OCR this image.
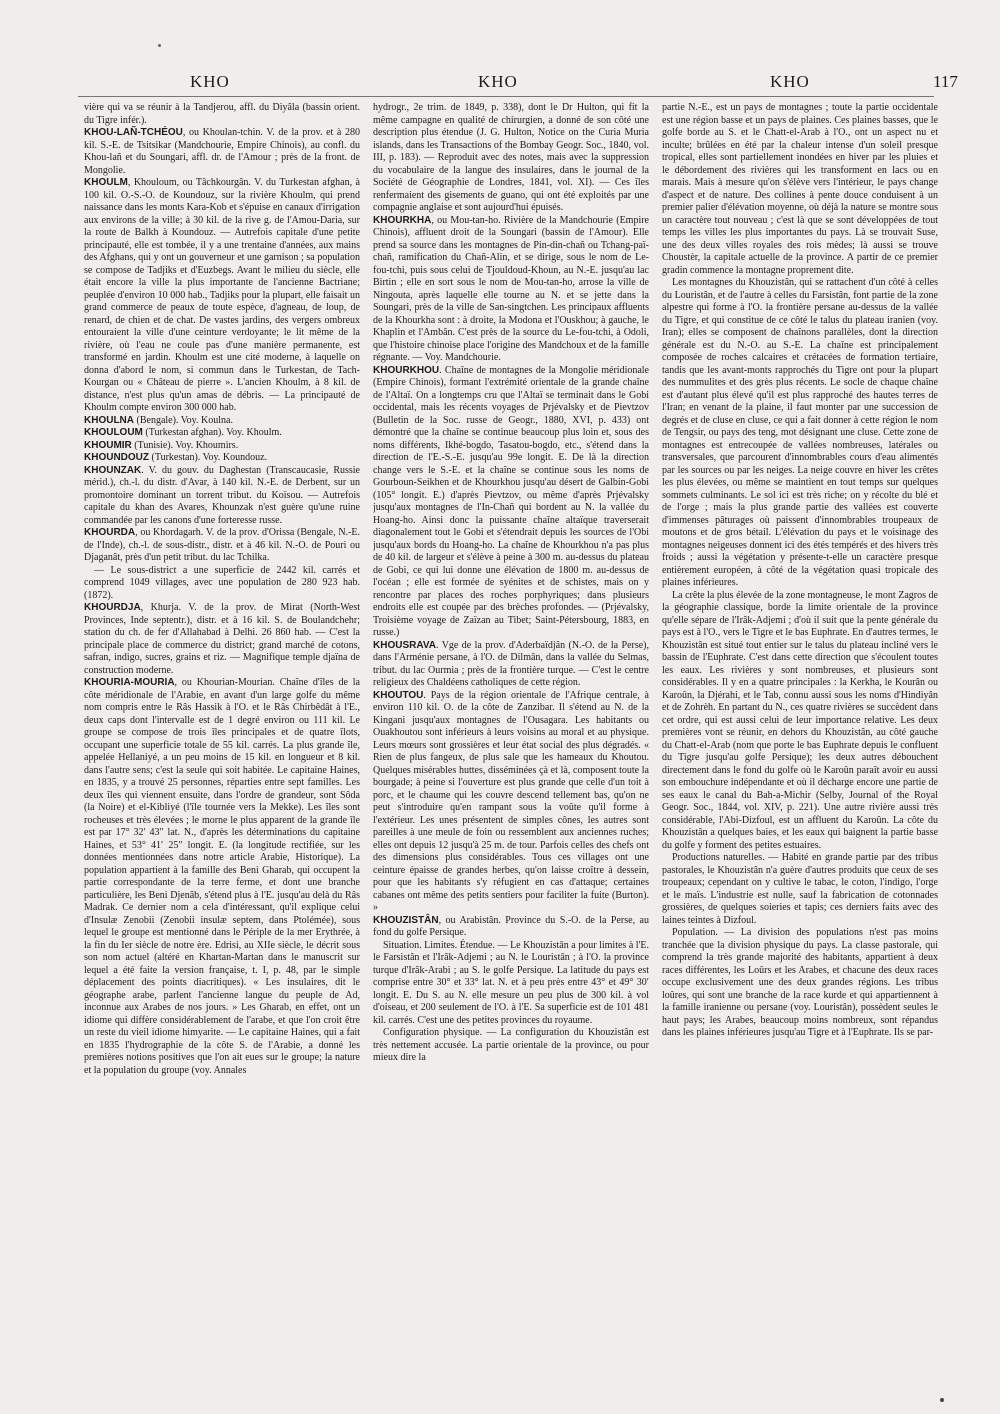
KHO	KHO	KHO	117

vière qui va se réunir à la Tandjerou, affl. du Diyâla (bassin orient. du Tigre infér.).

KHOU-LAÑ-TCHÉOU, ou Khoulan-tchin. V. de la prov. et à 280 kil. S.-E. de Tsitsikar (Mandchourie, Empire Chinois), au confl. du Khou-lañ et du Soungari, affl. dr. de l'Amour ; près de la front. de Mongolie.

KHOULM, Khouloum, ou Tâchkourgân. V. du Turkestan afghan, à 100 kil. O.-S.-O. de Koundouz, sur la rivière Khoulm, qui prend naissance dans les monts Kara-Kob et s'épuise en canaux d'irrigation aux environs de la ville; à 30 kil. de la rive g. de l'Amou-Daria, sur la route de Balkh à Koundouz. — Autrefois capitale d'une petite principauté, elle est tombée, il y a une trentaine d'années, aux mains des Afghans, qui y ont un gouverneur et une garnison ; sa population se compose de Tadjiks et d'Euzbegs. Avant le milieu du siècle, elle était encore la ville la plus importante de l'ancienne Bactriane; peuplée d'environ 10 000 hab., Tadjiks pour la plupart, elle faisait un grand commerce de peaux de toute espèce, d'agneau, de loup, de renard, de chien et de chat. De vastes jardins, des vergers ombreux entouraient la ville d'une ceinture verdoyante; le lit même de la rivière, où l'eau ne coule pas d'une manière permanente, est transformé en jardin. Khoulm est une cité moderne, à laquelle on donna d'abord le nom, si commun dans le Turkestan, de Tach-Kourgan ou « Château de pierre ». L'ancien Khoulm, à 8 kil. de distance, n'est plus qu'un amas de débris. — La principauté de Khoulm compte environ 300 000 hab.

KHOULNA (Bengale). Voy. Koulna.

KHOULOUM (Turkestan afghan). Voy. Khoulm.

KHOUMIR (Tunisie). Voy. Khoumirs.

KHOUNDOUZ (Turkestan). Voy. Koundouz.

KHOUNZAK. V. du gouv. du Daghestan (Transcaucasie, Russie mérid.), ch.-l. du distr. d'Avar, à 140 kil. N.-E. de Derbent, sur un promontoire dominant un torrent tribut. du Koïsou. — Autrefois capitale du khan des Avares, Khounzak n'est guère qu'une ruine commandée par les canons d'une forteresse russe.

KHOURDA, ou Khordagarh. V. de la prov. d'Orissa (Bengale, N.-E. de l'Inde), ch.-l. de sous-distr., distr. et à 46 kil. N.-O. de Pouri ou Djaganât, près d'un petit tribut. du lac Tchilka.

— Le sous-district a une superficie de 2442 kil. carrés et comprend 1049 villages, avec une population de 280 923 hab. (1872).

KHOURDJA, Khurja. V. de la prov. de Mirat (North-West Provinces, Inde septentr.), distr. et à 16 kil. S. de Boulandchehr; station du ch. de fer d'Allahabad à Delhi. 26 860 hab. — C'est la principale place de commerce du district; grand marché de cotons, safran, indigo, sucres, grains et riz. — Magnifique temple djaïna de construction moderne.

KHOURIA-MOURIA, ou Khourian-Mourian. Chaîne d'îles de la côte méridionale de l'Arabie, en avant d'un large golfe du même nom compris entre le Râs Hassik à l'O. et le Râs Chirbêdât à l'E., deux caps dont l'intervalle est de 1 degré environ ou 111 kil. Le groupe se compose de trois îles principales et de quatre îlots, occupant une superficie totale de 55 kil. carrés. La plus grande île, appelée Hellaniyé, a un peu moins de 15 kil. en longueur et 8 kil. dans l'autre sens; c'est la seule qui soit habitée. Le capitaine Haines, en 1835, y a trouvé 25 personnes, réparties entre sept familles. Les deux îles qui viennent ensuite, dans l'ordre de grandeur, sont Sôda (la Noire) et el-Kibliyé (l'île tournée vers la Mekke). Les îles sont rocheuses et très élevées ; le morne le plus apparent de la grande île est par 17° 32′ 43″ lat. N., d'après les déterminations du capitaine Haines, et 53° 41′ 25″ longit. E. (la longitude rectifiée, sur les données mentionnées dans notre article Arabie, Historique). La population appartient à la famille des Beni Gharab, qui occupent la partie correspondante de la terre ferme, et dont une branche particulière, les Beni Djenâb, s'étend plus à l'E. jusqu'au delà du Râs Madrak. Ce dernier nom a cela d'intéressant, qu'il explique celui d'Insulæ Zenobii (Zenobii insulæ septem, dans Ptolémée), sous lequel le groupe est mentionné dans le Périple de la mer Erythrée, à la fin du Ier siècle de notre ère. Edrisi, au XIIe siècle, le décrit sous son nom actuel (altéré en Khartan-Martan dans le manuscrit sur lequel a été faite la version française, t. I, p. 48, par le simple déplacement des points diacritiques). « Les insulaires, dit le géographe arabe, parlent l'ancienne langue du peuple de Ad, inconnue aux Arabes de nos jours. » Les Gharab, en effet, ont un idiome qui diffère considérablement de l'arabe, et que l'on croit être un reste du vieil idiome himyarite. — Le capitaine Haines, qui a fait en 1835 l'hydrographie de la côte S. de l'Arabie, a donné les premières notions positives que l'on ait eues sur le groupe; la nature et la population du groupe (voy. Annales

hydrogr., 2e trim. de 1849, p. 338), dont le Dr Hulton, qui fit la même campagne en qualité de chirurgien, a donné de son côté une description plus étendue (J. G. Hulton, Notice on the Curia Muria islands, dans les Transactions of the Bombay Geogr. Soc., 1840, vol. III, p. 183). — Reproduit avec des notes, mais avec la suppression du vocabulaire de la langue des insulaires, dans le journal de la Société de Géographie de Londres, 1841, vol. XI). — Ces îles renfermaient des gisements de guano, qui ont été exploités par une compagnie anglaise et sont aujourd'hui épuisés.

KHOURKHA, ou Mou-tan-ho. Rivière de la Mandchourie (Empire Chinois), affluent droit de la Soungari (bassin de l'Amour). Elle prend sa source dans les montagnes de Pin-din-chañ ou Tchang-paï-chañ, ramification du Chañ-Alin, et se dirige, sous le nom de Le-fou-tchi, puis sous celui de Tjouldoud-Khoun, au N.-E. jusqu'au lac Birtin ; elle en sort sous le nom de Mou-tan-ho, arrose la ville de Ningouta, après laquelle elle tourne au N. et se jette dans la Soungari, près de la ville de San-singtchen. Les principaux affluents de la Khourkha sont : à droite, la Modona et l'Ouskhou; à gauche, le Khaplin et l'Ambân. C'est près de la source du Le-fou-tchi, à Odoli, que l'histoire chinoise place l'origine des Mandchoux et de la famille régnante. — Voy. Mandchourie.

KHOURKHOU. Chaîne de montagnes de la Mongolie méridionale (Empire Chinois), formant l'extrémité orientale de la grande chaîne de l'Altaï. On a longtemps cru que l'Altaï se terminait dans le Gobi occidental, mais les récents voyages de Prjévalsky et de Pievtzov (Bulletin de la Soc. russe de Geogr., 1880, XVI, p. 433) ont démontré que la chaîne se continue beaucoup plus loin et, sous des noms différents, Ikhé-bogdo, Tasatou-bogdo, etc., s'étend dans la direction de l'E.-S.-E. jusqu'au 99e longit. E. De là la direction change vers le S.-E. et la chaîne se continue sous les noms de Gourboun-Seikhen et de Khourkhou jusqu'au désert de Galbin-Gobi (105° longit. E.) d'après Pievtzov, ou même d'après Prjévalsky jusqu'aux montagnes de l'In-Chañ qui bordent au N. la vallée du Hoang-ho. Ainsi donc la puissante chaîne altaïque traverserait diagonalement tout le Gobi et s'étendrait depuis les sources de l'Obi jusqu'aux bords du Hoang-ho. La chaîne de Khourkhou n'a pas plus de 40 kil. de largeur et s'élève à peine à 300 m. au-dessus du plateau de Gobi, ce qui lui donne une élévation de 1800 m. au-dessus de l'océan ; elle est formée de syénites et de schistes, mais on y rencontre par places des roches porphyriques; dans plusieurs endroits elle est coupée par des brèches profondes. — (Prjévalsky, Troisième voyage de Zaïzan au Tibet; Saint-Pétersbourg, 1883, en russe.)

KHOUSRAVA. Vge de la prov. d'Aderbaïdjân (N.-O. de la Perse), dans l'Arménie persane, à l'O. de Dilmân, dans la vallée du Selmas, tribut. du lac Ourmia ; près de la frontière turque. — C'est le centre religieux des Chaldéens catholiques de cette région.

KHOUTOU. Pays de la région orientale de l'Afrique centrale, à environ 110 kil. O. de la côte de Zanzibar. Il s'étend au N. de la Kingani jusqu'aux montagnes de l'Ousagara. Les habitants ou Ouakhoutou sont inférieurs à leurs voisins au moral et au physique. Leurs mœurs sont grossières et leur état social des plus dégradés. « Rien de plus fangeux, de plus sale que les hameaux du Khoutou. Quelques misérables huttes, disséminées çà et là, composent toute la bourgade; à peine si l'ouverture est plus grande que celle d'un toit à porc, et le chaume qui les couvre descend tellement bas, qu'on ne peut s'introduire qu'en rampant sous la voûte qu'il forme à l'extérieur. Les unes présentent de simples cônes, les autres sont pareilles à une meule de foin ou ressemblent aux anciennes ruches; elles ont depuis 12 jusqu'à 25 m. de tour. Parfois celles des chefs ont des dimensions plus considérables. Tous ces villages ont une ceinture épaisse de grandes herbes, qu'on laisse croître à dessein, pour que les habitants s'y réfugient en cas d'attaque; certaines cabanes ont même des petits sentiers pour faciliter la fuite (Burton). »

KHOUZISTÂN, ou Arabistân. Province du S.-O. de la Perse, au fond du golfe Persique.

Situation. Limites. Étendue. — Le Khouzistân a pour limites à l'E. le Farsistân et l'Irâk-Adjemi ; au N. le Louristân ; à l'O. la province turque d'Irâk-Arabi ; au S. le golfe Persique. La latitude du pays est comprise entre 30° et 33° lat. N. et à peu près entre 43° et 49° 30′ longit. E. Du S. au N. elle mesure un peu plus de 300 kil. à vol d'oiseau, et 200 seulement de l'O. à l'E. Sa superficie est de 101 481 kil. carrés. C'est une des petites provinces du royaume.

Configuration physique. — La configuration du Khouzistân est très nettement accusée. La partie orientale de la province, ou pour mieux dire la

partie N.-E., est un pays de montagnes ; toute la partie occidentale est une région basse et un pays de plaines. Ces plaines basses, que le golfe borde au S. et le Chatt-el-Arab à l'O., ont un aspect nu et inculte; brûlées en été par la chaleur intense d'un soleil presque tropical, elles sont partiellement inondées en hiver par les pluies et le débordement des rivières qui les transforment en lacs ou en marais. Mais à mesure qu'on s'élève vers l'intérieur, le pays change d'aspect et de nature. Des collines à pente douce conduisent à un premier palier d'élévation moyenne, où déjà la nature se montre sous un caractère tout nouveau ; c'est là que se sont développées de tout temps les villes les plus importantes du pays. Là se trouvait Suse, une des deux villes royales des rois mèdes; là aussi se trouve Choustèr, la capitale actuelle de la province. A partir de ce premier gradin commence la montagne proprement dite.

Les montagnes du Khouzistân, qui se rattachent d'un côté à celles du Louristân, et de l'autre à celles du Farsistân, font partie de la zone alpestre qui forme à l'O. la frontière persane au-dessus de la vallée du Tigre, et qui constitue de ce côté le talus du plateau iranien (voy. Iran); elles se composent de chaînons parallèles, dont la direction générale est du N.-O. au S.-E. La chaîne est principalement composée de roches calcaires et crétacées de formation tertiaire, tandis que les avant-monts rapprochés du Tigre ont pour la plupart des nummulites et des grès plus récents. Le socle de chaque chaîne est d'autant plus élevé qu'il est plus rapproché des hautes terres de l'Iran; en venant de la plaine, il faut monter par une succession de degrés et de cluse en cluse, ce qui a fait donner à cette région le nom de Tengsir, ou pays des teng, mot désignant une cluse. Cette zone de montagnes est entrecoupée de vallées nombreuses, latérales ou transversales, que parcourent d'innombrables cours d'eau alimentés par les sources ou par les neiges. La neige couvre en hiver les crêtes les plus élevées, ou même se maintient en tout temps sur quelques sommets culminants. Le sol ici est très riche; on y récolte du blé et de l'orge ; mais la plus grande partie des vallées est couverte d'immenses pâturages où paissent d'innombrables troupeaux de moutons et de gros bétail. L'élévation du pays et le voisinage des montagnes neigeuses donnent ici des étés tempérés et des hivers très froids ; aussi la végétation y présente-t-elle un caractère presque entièrement européen, à côté de la végétation quasi tropicale des plaines inférieures.

La crête la plus élevée de la zone montagneuse, le mont Zagros de la géographie classique, borde la limite orientale de la province qu'elle sépare de l'Irâk-Adjemi ; d'où il suit que la pente générale du pays est à l'O., vers le Tigre et le bas Euphrate. En d'autres termes, le Khouzistân est situé tout entier sur le talus du plateau incliné vers le bassin de l'Euphrate. C'est dans cette direction que s'écoulent toutes les eaux. Les rivières y sont nombreuses, et plusieurs sont considérables. Il y en a quatre principales : la Kerkha, le Kourân ou Karoûn, la Djérahi, et le Tab, connu aussi sous les noms d'Hindiyân et de Zohrèh. En partant du N., ces quatre rivières se succèdent dans cet ordre, qui est aussi celui de leur importance relative. Les deux premières vont se réunir, en dehors du Khouzistân, au côté gauche du Chatt-el-Arab (nom que porte le bas Euphrate depuis le confluent du Tigre jusqu'au golfe Persique); les deux autres débouchent directement dans le fond du golfe où le Karoûn paraît avoir eu aussi son embouchure indépendante et où il décharge encore une partie de ses eaux le canal du Bah-a-Michir (Selby, Journal of the Royal Geogr. Soc., 1844, vol. XIV, p. 221). Une autre rivière aussi très considérable, l'Abi-Dizfoul, est un affluent du Karoûn. La côte du Khouzistân a quelques baies, et les eaux qui baignent la partie basse du golfe y forment des petites estuaires.

Productions naturelles. — Habité en grande partie par des tribus pastorales, le Khouzistân n'a guère d'autres produits que ceux de ses troupeaux; cependant on y cultive le tabac, le coton, l'indigo, l'orge et le maïs. L'industrie est nulle, sauf la fabrication de cotonnades grossières, de quelques soieries et tapis; ces derniers faits avec des laines teintes à Dizfoul.

Population. — La division des populations n'est pas moins tranchée que la division physique du pays. La classe pastorale, qui comprend la très grande majorité des habitants, appartient à deux races différentes, les Loûrs et les Arabes, et chacune des deux races occupe exclusivement une des deux grandes régions. Les tribus loûres, qui sont une branche de la race kurde et qui appartiennent à la famille iranienne ou persane (voy. Louristân), possèdent seules le haut pays; les Arabes, beaucoup moins nombreux, sont répandus dans les plaines inférieures jusqu'au Tigre et à l'Euphrate. Ils se par-
